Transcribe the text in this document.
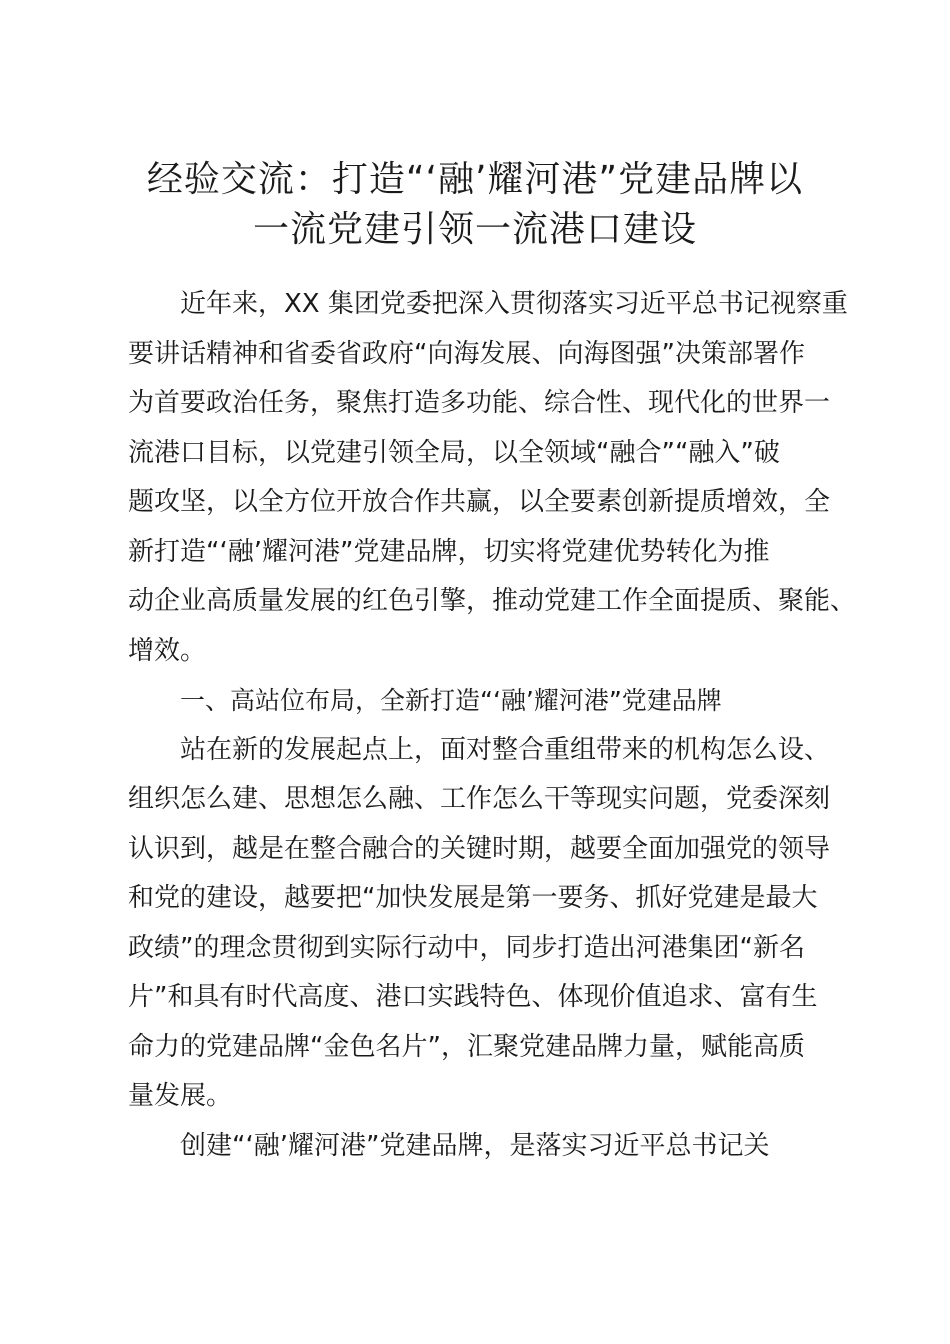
经验交流：打造“‘融’耀河港”党建品牌以
一流党建引领一流港口建设
近年来，XX 集团党委把深入贯彻落实习近平总书记视察重
要讲话精神和省委省政府“向海发展、向海图强”决策部署作
为首要政治任务，聚焦打造多功能、综合性、现代化的世界一
流港口目标，以党建引领全局，以全领域“融合”“融入”破
题攻坚，以全方位开放合作共赢，以全要素创新提质增效，全
新打造“‘融’耀河港”党建品牌，切实将党建优势转化为推
动企业高质量发展的红色引擎，推动党建工作全面提质、聚能、
增效。
一、高站位布局，全新打造“‘融’耀河港”党建品牌
站在新的发展起点上，面对整合重组带来的机构怎么设、
组织怎么建、思想怎么融、工作怎么干等现实问题，党委深刻
认识到，越是在整合融合的关键时期，越要全面加强党的领导
和党的建设，越要把“加快发展是第一要务、抓好党建是最大
政绩”的理念贯彻到实际行动中，同步打造出河港集团“新名
片”和具有时代高度、港口实践特色、体现价值追求、富有生
命力的党建品牌“金色名片”，汇聚党建品牌力量，赋能高质
量发展。
创建“‘融’耀河港”党建品牌，是落实习近平总书记关
